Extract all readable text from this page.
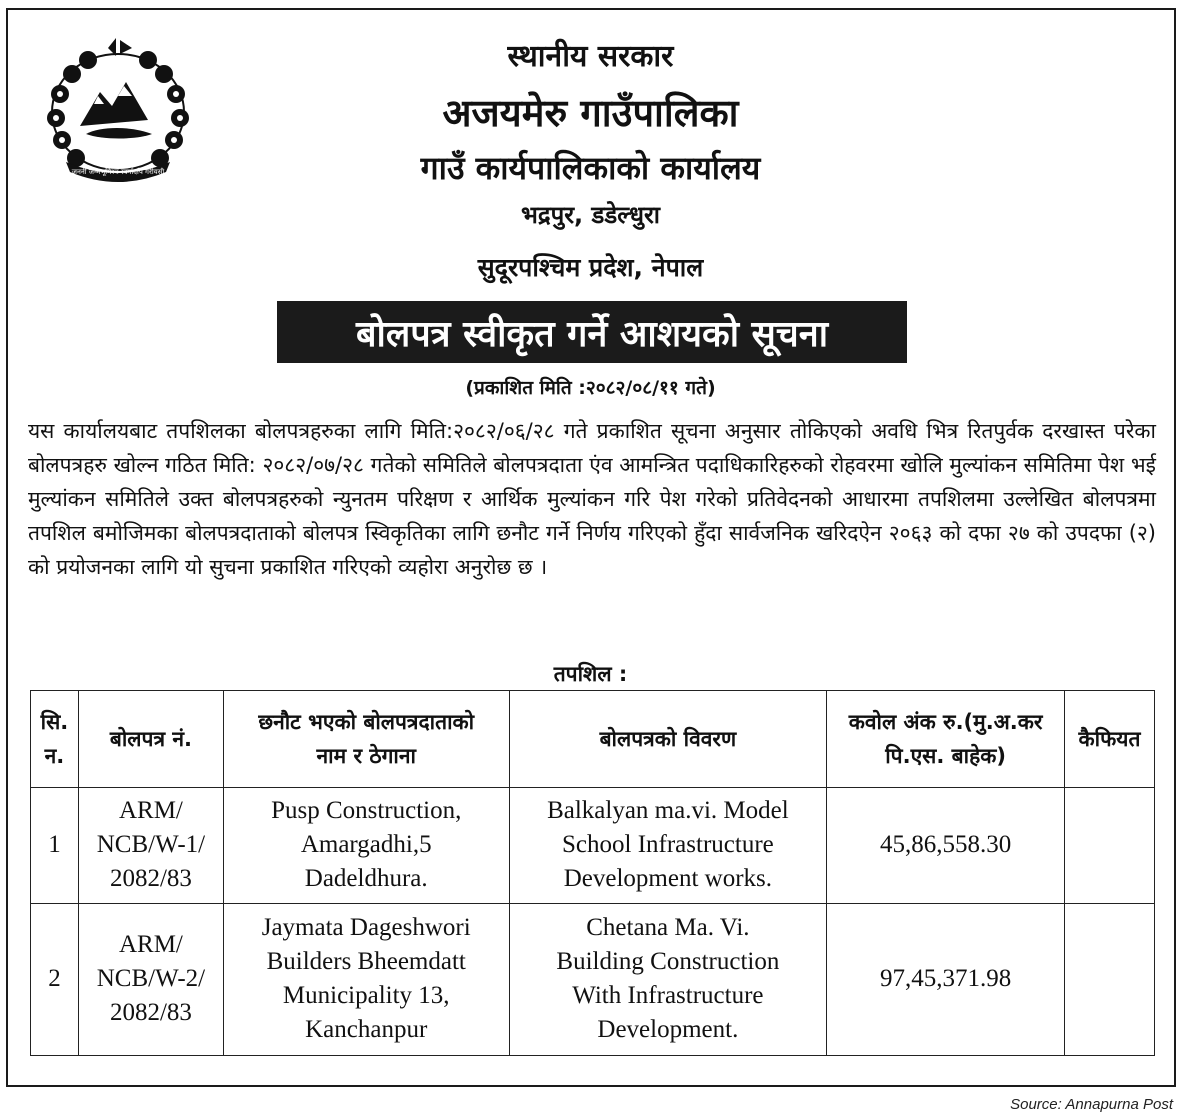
जननी जन्मभूमिश्च स्वर्गादपि गरीयसी
स्थानीय सरकार
अजयमेरु गाउँपालिका
गाउँ कार्यपालिकाको कार्यालय
भद्रपुर, डडेल्धुरा
सुदूरपश्चिम प्रदेश, नेपाल
बोलपत्र स्वीकृत गर्ने आशयको सूचना
(प्रकाशित मिति :२०८२/०८/११ गते)
यस कार्यालयबाट तपशिलका बोलपत्रहरुका लागि मिति:२०८२/०६/२८ गते प्रकाशित सूचना अनुसार तोकिएको अवधि भित्र रितपुर्वक दरखास्त परेका बोलपत्रहरु खोल्न गठित मिति: २०८२/०७/२८ गतेको समितिले बोलपत्रदाता एंव आमन्त्रित पदाधिकारिहरुको रोहवरमा खोलि मुल्यांकन समितिमा पेश भई मुल्यांकन समितिले उक्त बोलपत्रहरुको न्युनतम परिक्षण र आर्थिक मुल्यांकन गरि पेश गरेको प्रतिवेदनको आधारमा तपशिलमा उल्लेखित बोलपत्रमा तपशिल बमोजिमका बोलपत्रदाताको बोलपत्र स्विकृतिका लागि छनौट गर्ने निर्णय गरिएको हुँदा सार्वजनिक खरिदऐन २०६३ को दफा २७ को उपदफा (२) को प्रयोजनका लागि यो सुचना प्रकाशित गरिएको व्यहोरा अनुरोछ छ ।
तपशिल :
सि.
न.	बोलपत्र नं.	छनौट भएको बोलपत्रदाताको
नाम र ठेगाना	बोलपत्रको विवरण	कवोल अंक रु.(मु.अ.कर
पि.एस. बाहेक)	कैफियत
1	ARM/
NCB/W-1/
2082/83	Pusp Construction,
Amargadhi,5
Dadeldhura.	Balkalyan ma.vi. Model
School Infrastructure
Development works.	45,86,558.30	
2	ARM/
NCB/W-2/
2082/83	Jaymata Dageshwori
Builders Bheemdatt
Municipality 13,
Kanchanpur	Chetana Ma. Vi.
Building Construction
With Infrastructure
Development.	97,45,371.98	
Source: Annapurna Post
